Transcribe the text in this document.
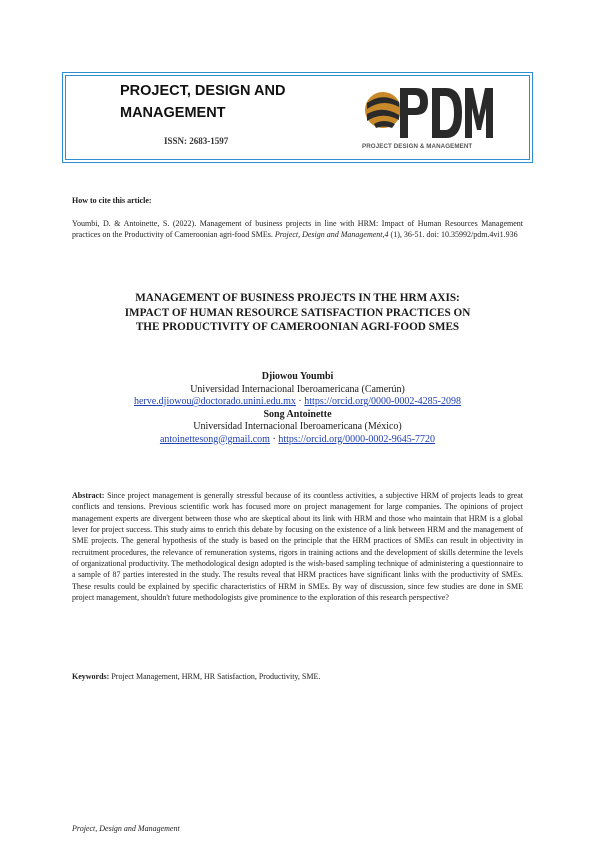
PROJECT, DESIGN AND MANAGEMENT
ISSN: 2683-1597
PROJECT DESIGN & MANAGEMENT
How to cite this article:
Youmbi, D. & Antoinette, S. (2022). Management of business projects in line with HRM: Impact of Human Resources Management practices on the Productivity of Cameroonian agri-food SMEs. Project, Design and Management,4 (1), 36-51. doi: 10.35992/pdm.4vi1.936
MANAGEMENT OF BUSINESS PROJECTS IN THE HRM AXIS:
IMPACT OF HUMAN RESOURCE SATISFACTION PRACTICES ON
THE PRODUCTIVITY OF CAMEROONIAN AGRI-FOOD SMES
Djiowou Youmbi
Universidad Internacional Iberoamericana (Camerún)
herve.djiowou@doctorado.unini.edu.mx · https://orcid.org/0000-0002-4285-2098
Song Antoinette
Universidad Internacional Iberoamericana (México)
antoinettesong@gmail.com · https://orcid.org/0000-0002-9645-7720
Abstract: Since project management is generally stressful because of its countless activities, a subjective HRM of projects leads to great conflicts and tensions. Previous scientific work has focused more on project management for large companies. The opinions of project management experts are divergent between those who are skeptical about its link with HRM and those who maintain that HRM is a global lever for project success. This study aims to enrich this debate by focusing on the existence of a link between HRM and the management of SME projects. The general hypothesis of the study is based on the principle that the HRM practices of SMEs can result in objectivity in recruitment procedures, the relevance of remuneration systems, rigors in training actions and the development of skills determine the levels of organizational productivity. The methodological design adopted is the wish-based sampling technique of administering a questionnaire to a sample of 87 parties interested in the study. The results reveal that HRM practices have significant links with the productivity of SMEs. These results could be explained by specific characteristics of HRM in SMEs. By way of discussion, since few studies are done in SME project management, shouldn't future methodologists give prominence to the exploration of this research perspective?
Keywords: Project Management, HRM, HR Satisfaction, Productivity, SME.
Project, Design and Management
